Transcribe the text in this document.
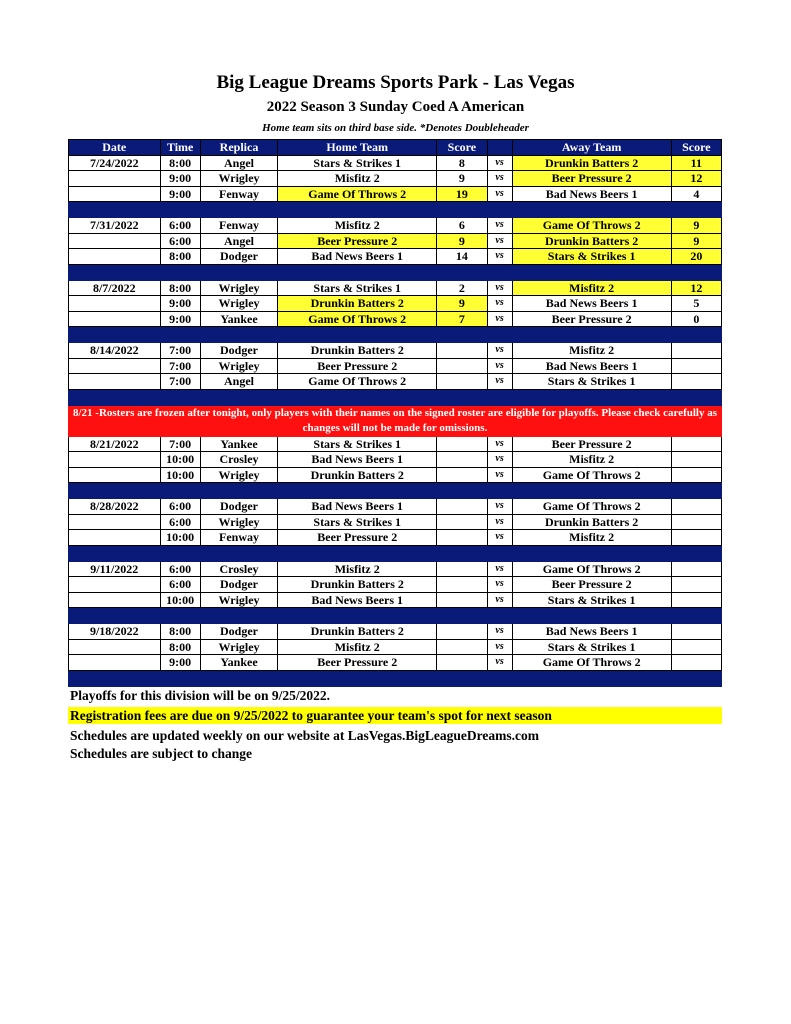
Big League Dreams Sports Park - Las Vegas
2022 Season 3 Sunday Coed A American
Home team sits on third base side. *Denotes Doubleheader
Date	Time	Replica	Home Team	Score		Away Team	Score
7/24/2022	8:00	Angel	Stars & Strikes 1	8	vs	Drunkin Batters 2	11
	9:00	Wrigley	Misfitz 2	9	vs	Beer Pressure 2	12
	9:00	Fenway	Game Of Throws 2	19	vs	Bad News Beers 1	4

7/31/2022	6:00	Fenway	Misfitz 2	6	vs	Game Of Throws 2	9
	6:00	Angel	Beer Pressure 2	9	vs	Drunkin Batters 2	9
	8:00	Dodger	Bad News Beers 1	14	vs	Stars & Strikes 1	20

8/7/2022	8:00	Wrigley	Stars & Strikes 1	2	vs	Misfitz 2	12
	9:00	Wrigley	Drunkin Batters 2	9	vs	Bad News Beers 1	5
	9:00	Yankee	Game Of Throws 2	7	vs	Beer Pressure 2	0

8/14/2022	7:00	Dodger	Drunkin Batters 2		vs	Misfitz 2	
	7:00	Wrigley	Beer Pressure 2		vs	Bad News Beers 1	
	7:00	Angel	Game Of Throws 2		vs	Stars & Strikes 1	

8/21 -Rosters are frozen after tonight, only players with their names on the signed roster are eligible for playoffs. Please check carefully as changes will not be made for omissions.							
8/21/2022	7:00	Yankee	Stars & Strikes 1		vs	Beer Pressure 2	
	10:00	Crosley	Bad News Beers 1		vs	Misfitz 2	
	10:00	Wrigley	Drunkin Batters 2		vs	Game Of Throws 2	

8/28/2022	6:00	Dodger	Bad News Beers 1		vs	Game Of Throws 2	
	6:00	Wrigley	Stars & Strikes 1		vs	Drunkin Batters 2	
	10:00	Fenway	Beer Pressure 2		vs	Misfitz 2	

9/11/2022	6:00	Crosley	Misfitz 2		vs	Game Of Throws 2	
	6:00	Dodger	Drunkin Batters 2		vs	Beer Pressure 2	
	10:00	Wrigley	Bad News Beers 1		vs	Stars & Strikes 1	

9/18/2022	8:00	Dodger	Drunkin Batters 2		vs	Bad News Beers 1	
	8:00	Wrigley	Misfitz 2		vs	Stars & Strikes 1	
	9:00	Yankee	Beer Pressure 2		vs	Game Of Throws 2	

Playoffs for this division will be on 9/25/2022.
Registration fees are due on 9/25/2022 to guarantee your team's spot for next season
Schedules are updated weekly on our website at LasVegas.BigLeagueDreams.com
Schedules are subject to change
